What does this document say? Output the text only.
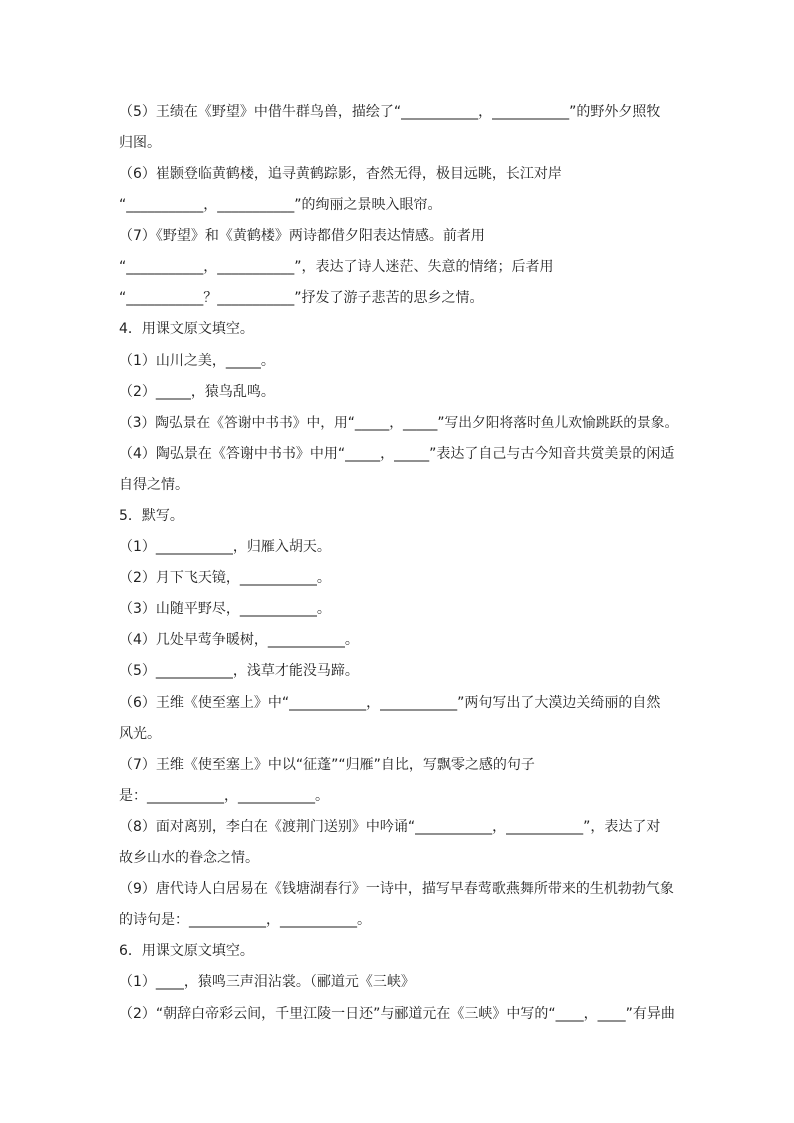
（5）王绩在《野望》中借牛群鸟兽，描绘了“___________，___________”的野外夕照牧
归图。
（6）崔颢登临黄鹤楼，追寻黄鹤踪影，杳然无得，极目远眺，长江对岸
“___________，___________”的绚丽之景映入眼帘。
（7）《野望》和《黄鹤楼》两诗都借夕阳表达情感。前者用
“___________，___________”，表达了诗人迷茫、失意的情绪；后者用
“___________？___________”抒发了游子悲苦的思乡之情。
4．用课文原文填空。
（1）山川之美，_____。
（2）_____，猿鸟乱鸣。
（3）陶弘景在《答谢中书书》中，用“_____，_____”写出夕阳将落时鱼儿欢愉跳跃的景象。
（4）陶弘景在《答谢中书书》中用“_____，_____”表达了自己与古今知音共赏美景的闲适
自得之情。
5．默写。
（1）___________，归雁入胡天。
（2）月下飞天镜，___________。
（3）山随平野尽，___________。
（4）几处早莺争暖树，___________。
（5）___________，浅草才能没马蹄。
（6）王维《使至塞上》中“___________，___________”两句写出了大漠边关绮丽的自然
风光。
（7）王维《使至塞上》中以“征蓬”“归雁”自比，写飘零之感的句子
是：___________，___________。
（8）面对离别，李白在《渡荆门送别》中吟诵“___________，___________”，表达了对
故乡山水的眷念之情。
（9）唐代诗人白居易在《钱塘湖春行》一诗中，描写早春莺歌燕舞所带来的生机勃勃气象
的诗句是：___________，___________。
6．用课文原文填空。
（1）____，猿鸣三声泪沾裳。（郦道元《三峡》
（2）“朝辞白帝彩云间，千里江陵一日还”与郦道元在《三峡》中写的“____，____”有异曲
